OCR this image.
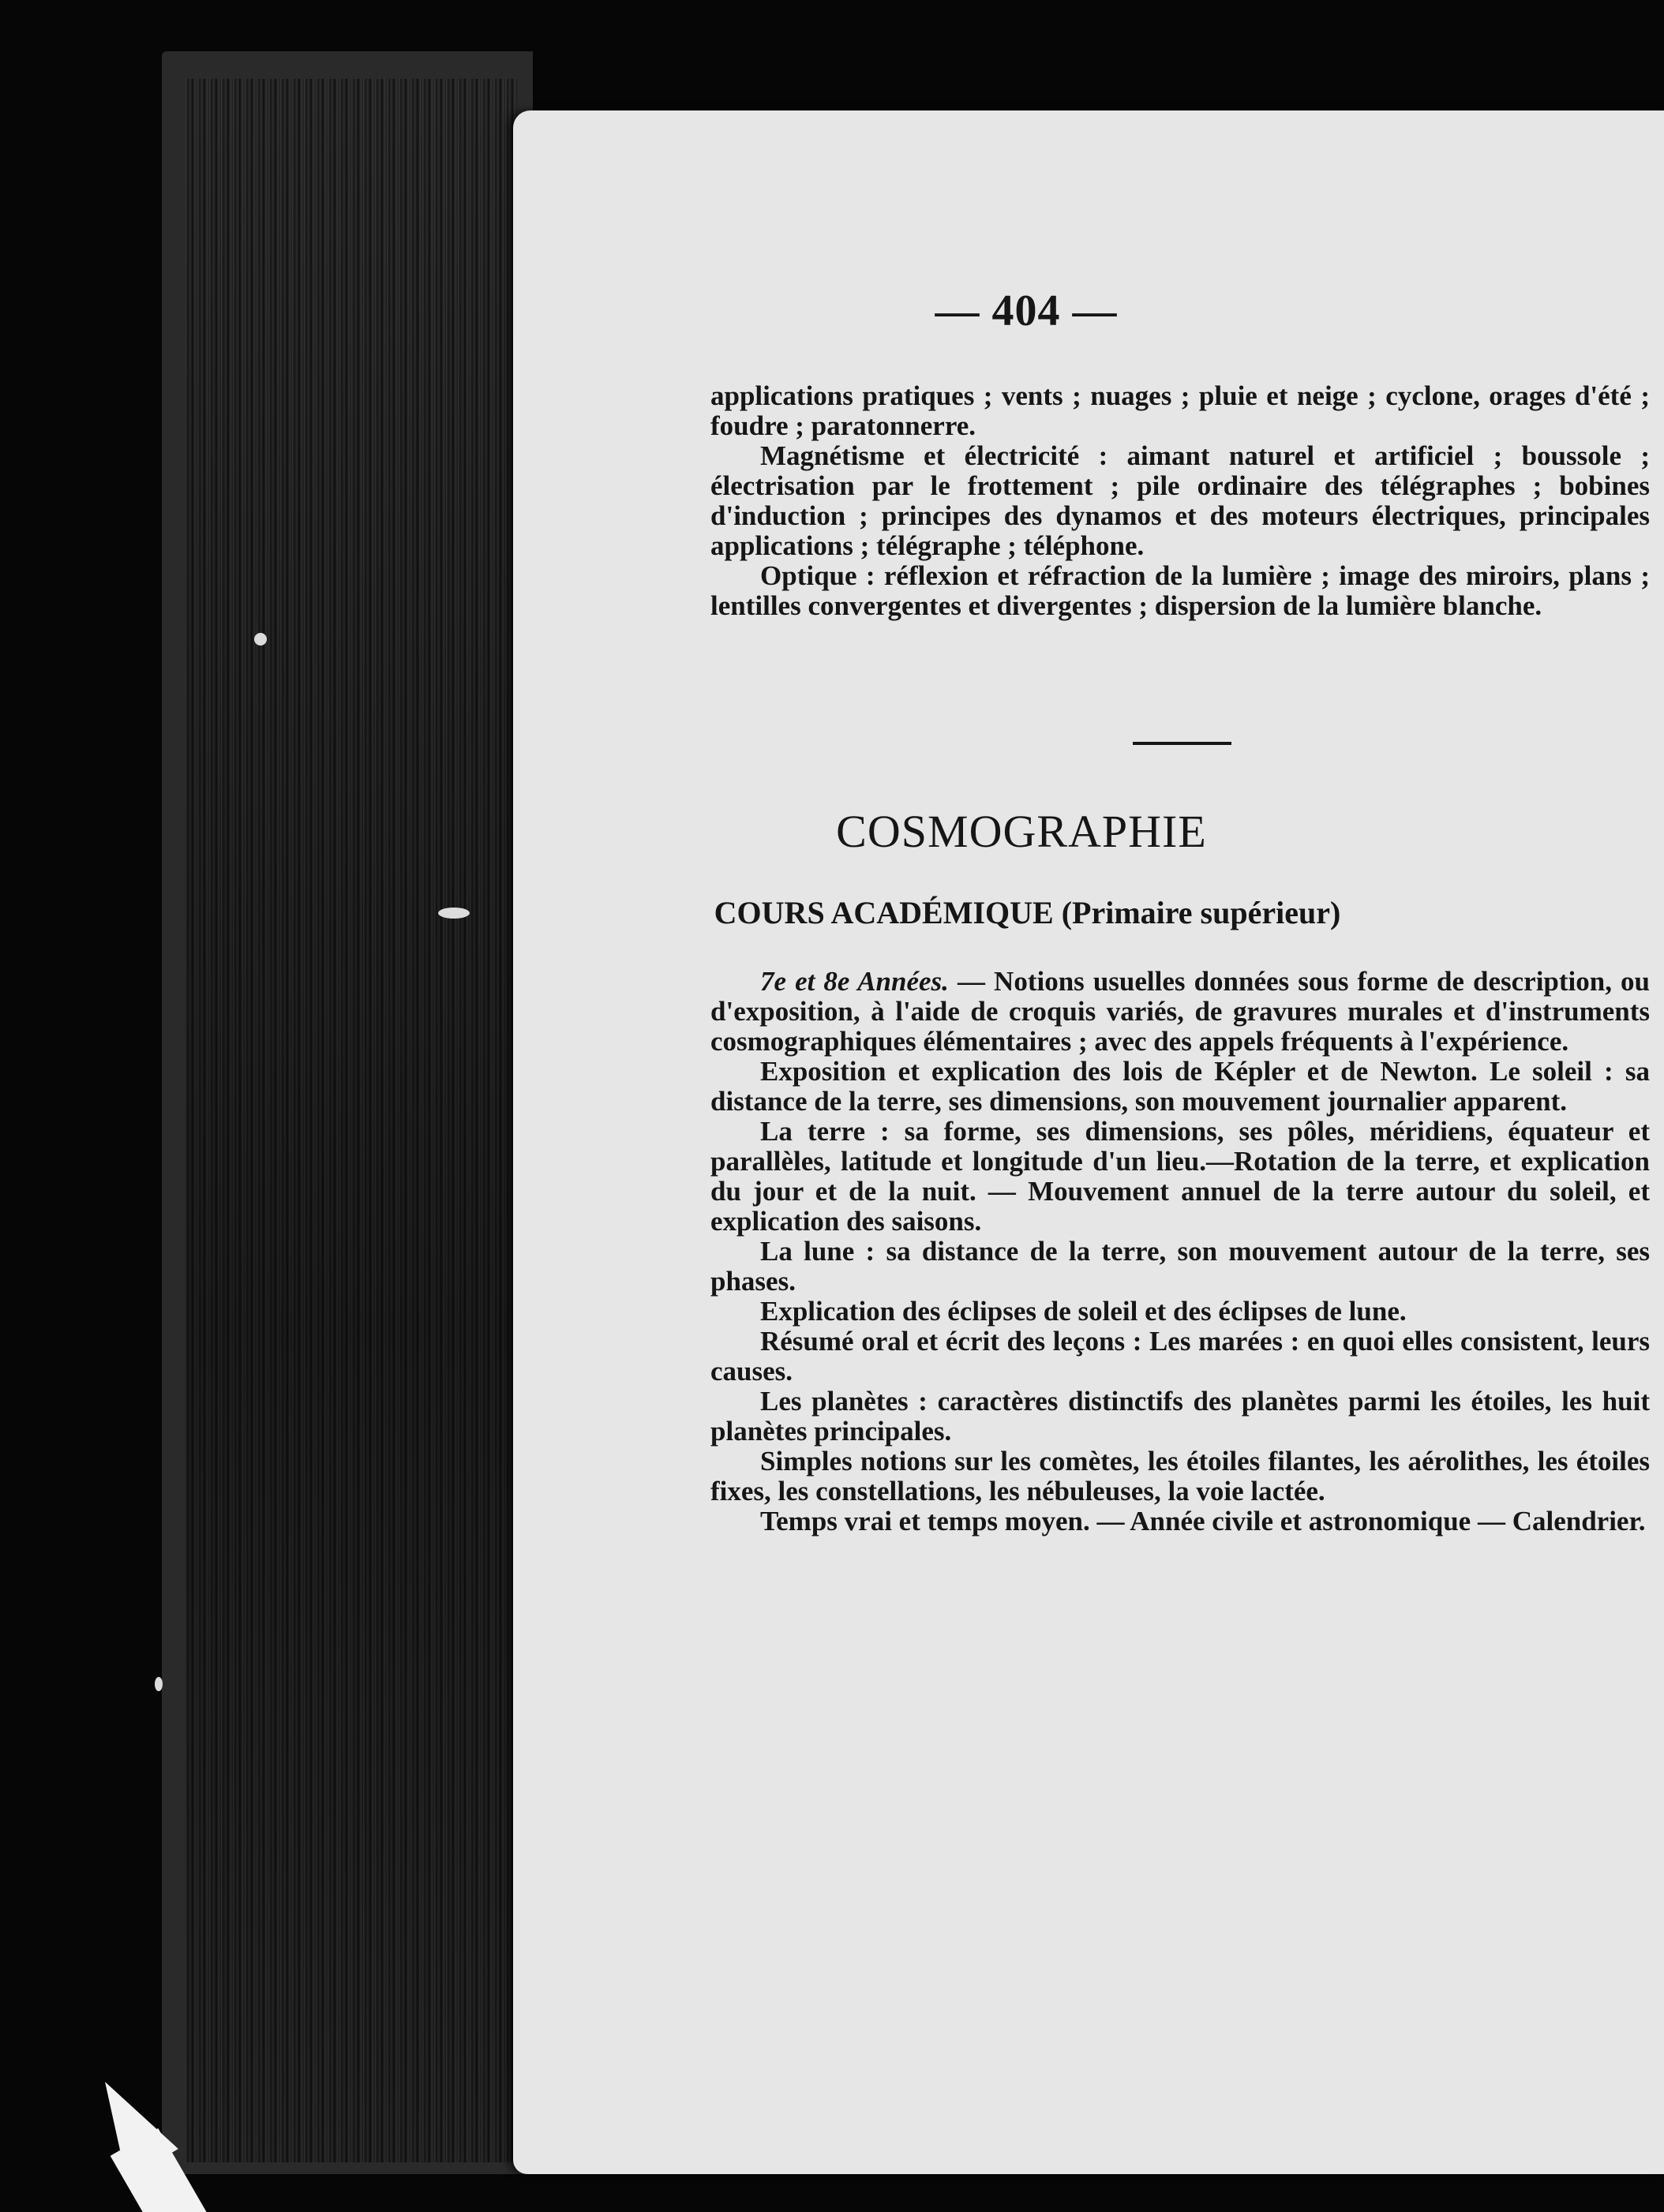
— 404 —

applications pratiques ; vents ; nuages ; pluie et neige ; cyclone, orages d'été ; foudre ; paratonnerre.

Magnétisme et électricité : aimant naturel et artificiel ; boussole ; électrisation par le frottement ; pile ordinaire des télégraphes ; bobines d'induction ; principes des dynamos et des moteurs électriques, principales applications ; télégraphe ; téléphone.

Optique : réflexion et réfraction de la lumière ; image des miroirs, plans ; lentilles convergentes et divergentes ; dispersion de la lumière blanche.

COSMOGRAPHIE
COURS ACADÉMIQUE (Primaire supérieur)

7e et 8e Années. — Notions usuelles données sous forme de description, ou d'exposition, à l'aide de croquis variés, de gravures murales et d'instruments cosmographiques élémentaires ; avec des appels fréquents à l'expérience.

Exposition et explication des lois de Képler et de Newton. Le soleil : sa distance de la terre, ses dimensions, son mouvement journalier apparent.

La terre : sa forme, ses dimensions, ses pôles, méridiens, équateur et parallèles, latitude et longitude d'un lieu.—Rotation de la terre, et explication du jour et de la nuit. — Mouvement annuel de la terre autour du soleil, et explication des saisons.

La lune : sa distance de la terre, son mouvement autour de la terre, ses phases.

Explication des éclipses de soleil et des éclipses de lune.

Résumé oral et écrit des leçons : Les marées : en quoi elles consistent, leurs causes.

Les planètes : caractères distinctifs des planètes parmi les étoiles, les huit planètes principales.

Simples notions sur les comètes, les étoiles filantes, les aérolithes, les étoiles fixes, les constellations, les nébuleuses, la voie lactée.

Temps vrai et temps moyen. — Année civile et astronomique — Calendrier.
